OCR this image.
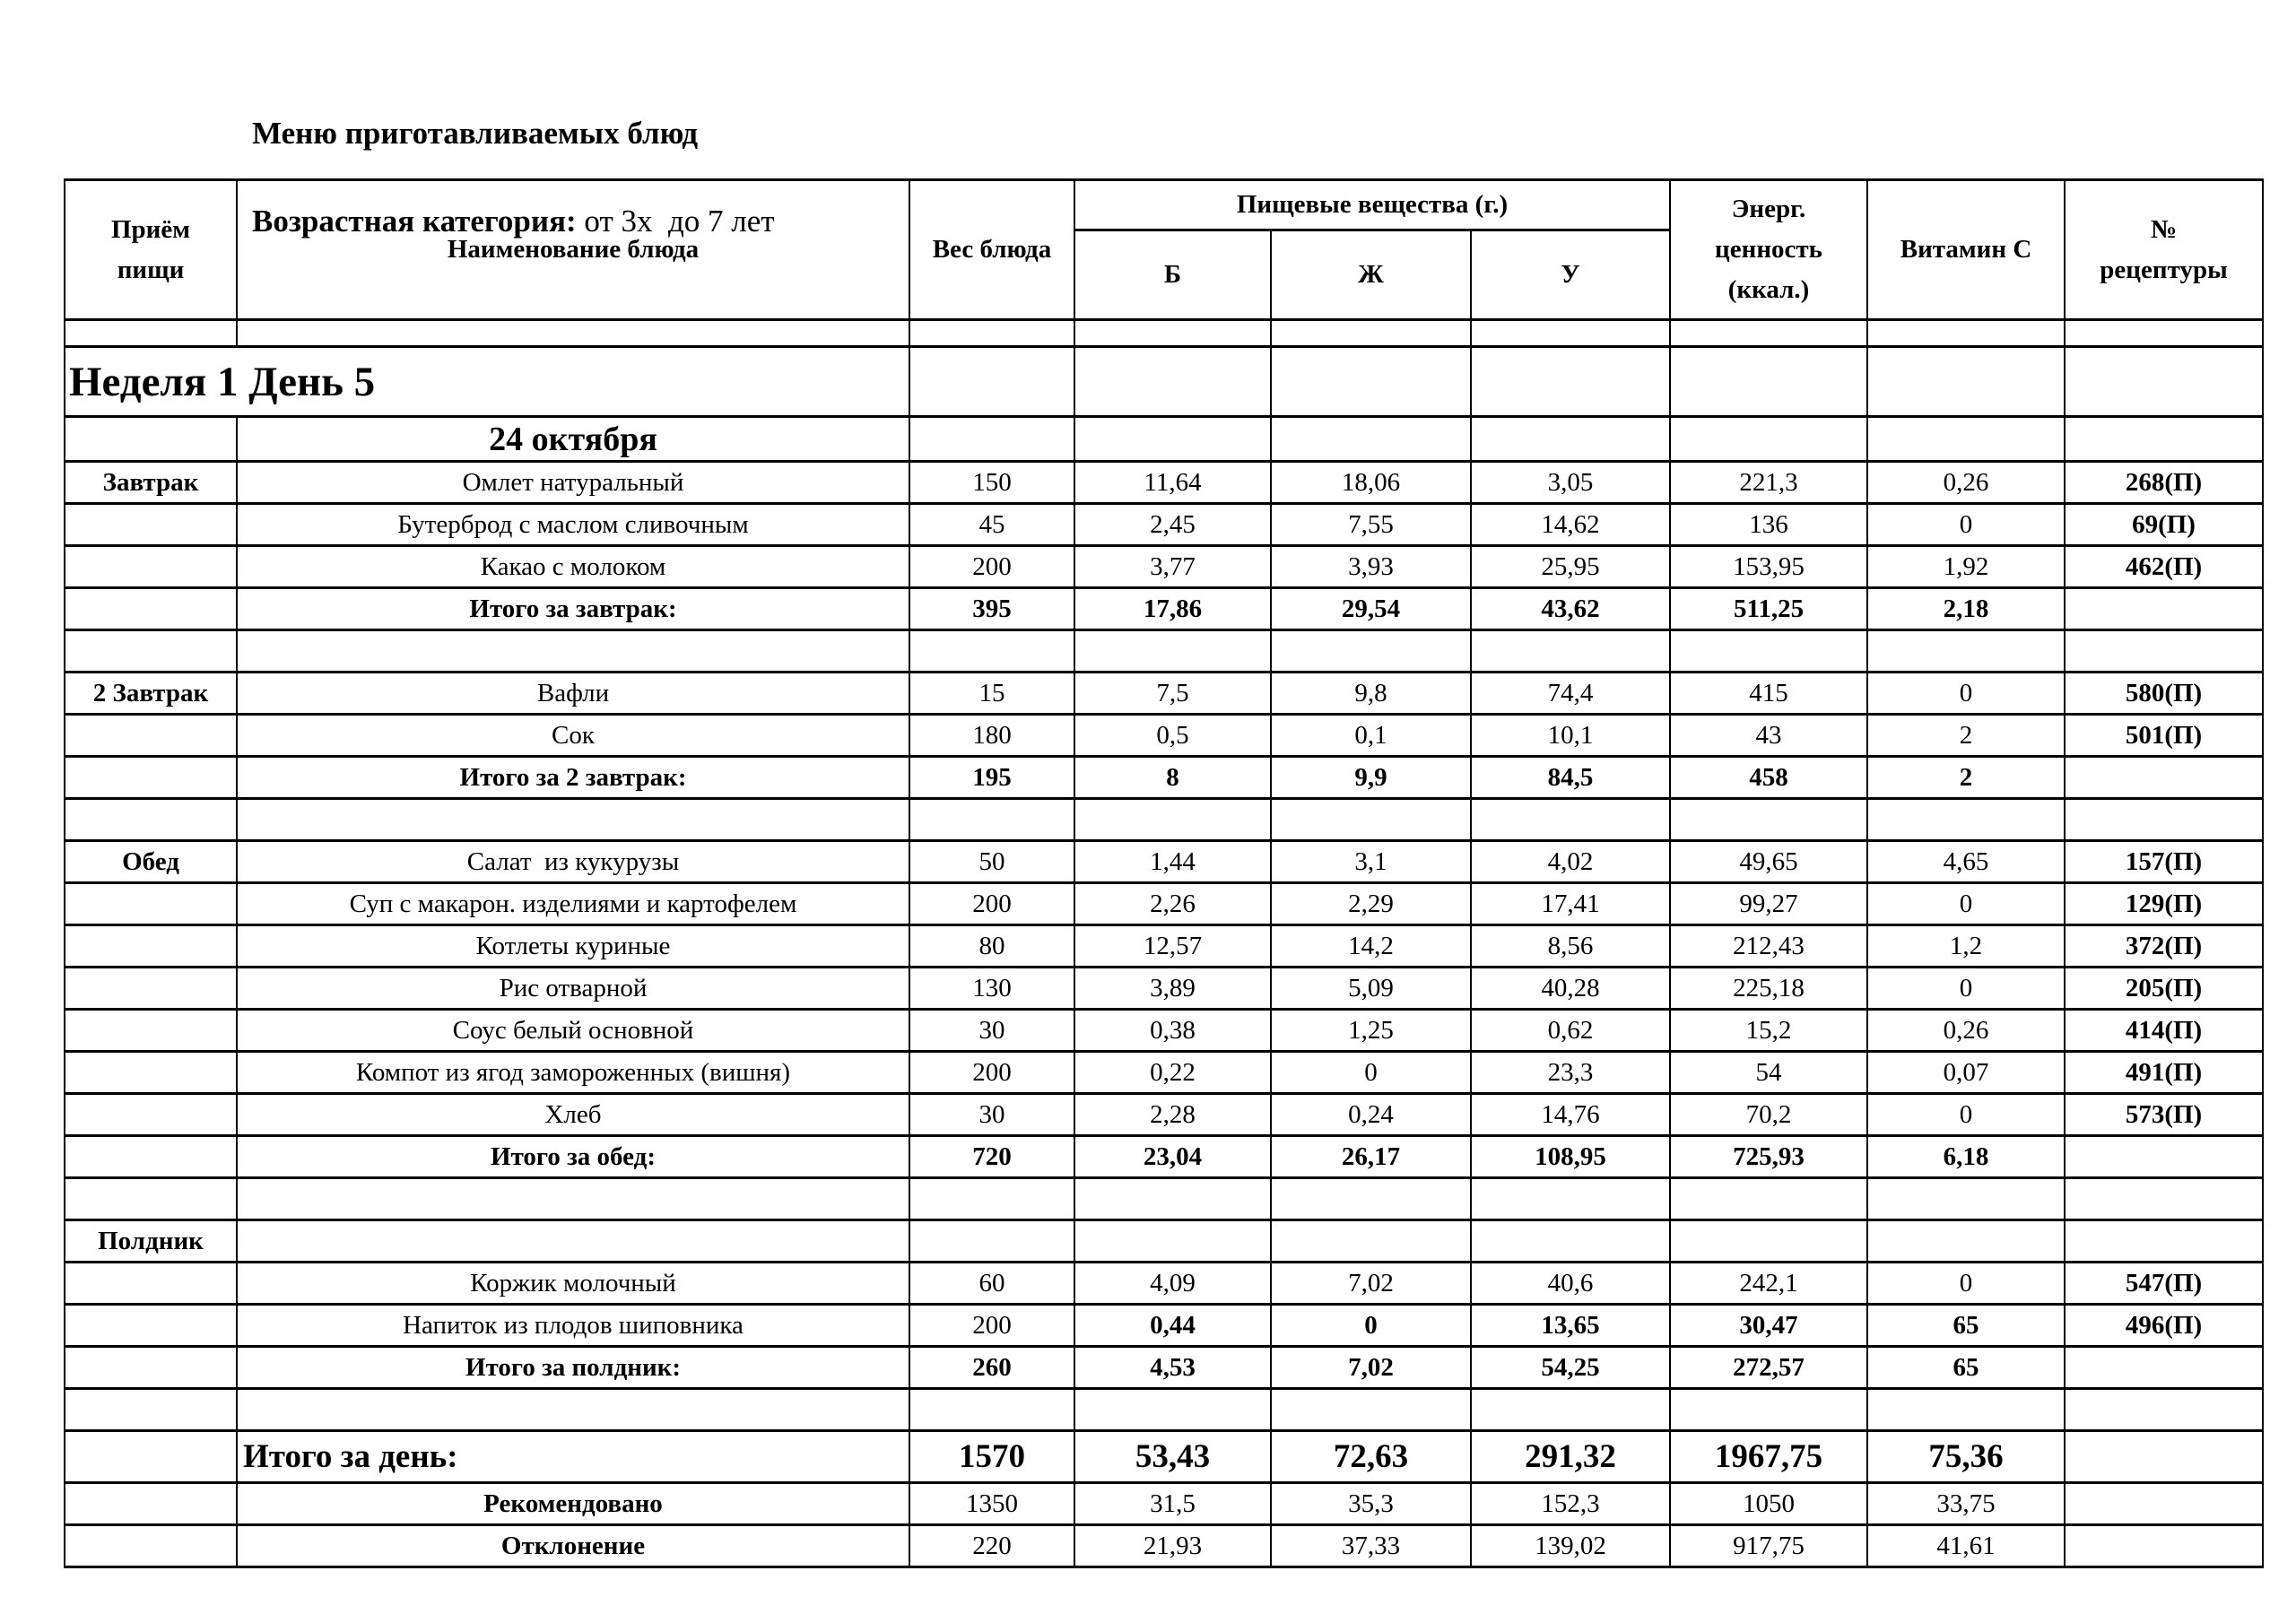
Меню приготавливаемых блюд

Возрастная категория: от 3х  до 7 лет

Приём
пищи
	Наименование блюда	Вес блюда	Пищевые вещества (г.)	Энерг.
ценность
(ккал.)
	Витамин С	
№
рецептуры

			Б	Ж	У			

Неделя 1 День 5								
	24 октября							
Завтрак	Омлет натуральный	150	11,64	18,06	3,05	221,3	0,26	268(П)
	Бутерброд с маслом сливочным	45	2,45	7,55	14,62	136	0	69(П)
	Какао с молоком	200	3,77	3,93	25,95	153,95	1,92	462(П)
	Итого за завтрак:	395	17,86	29,54	43,62	511,25	2,18	

2 Завтрак	Вафли	15	7,5	9,8	74,4	415	0	580(П)
	Сок	180	0,5	0,1	10,1	43	2	501(П)
	Итого за 2 завтрак:	195	8	9,9	84,5	458	2	

Обед	Салат  из кукурузы	50	1,44	3,1	4,02	49,65	4,65	157(П)
	Суп с макарон. изделиями и картофелем	200	2,26	2,29	17,41	99,27	0	129(П)
	Котлеты куриные	80	12,57	14,2	8,56	212,43	1,2	372(П)
	Рис отварной	130	3,89	5,09	40,28	225,18	0	205(П)
	Соус белый основной	30	0,38	1,25	0,62	15,2	0,26	414(П)
	Компот из ягод замороженных (вишня)	200	0,22	0	23,3	54	0,07	491(П)
	Хлеб	30	2,28	0,24	14,76	70,2	0	573(П)
	Итого за обед:	720	23,04	26,17	108,95	725,93	6,18	

Полдник								
	Коржик молочный	60	4,09	7,02	40,6	242,1	0	547(П)
	Напиток из плодов шиповника	200	0,44	0	13,65	30,47	65	496(П)
	Итого за полдник:	260	4,53	7,02	54,25	272,57	65	

	Итого за день:	1570	53,43	72,63	291,32	1967,75	75,36	
	Рекомендовано	1350	31,5	35,3	152,3	1050	33,75	
	Отклонение	220	21,93	37,33	139,02	917,75	41,61	
